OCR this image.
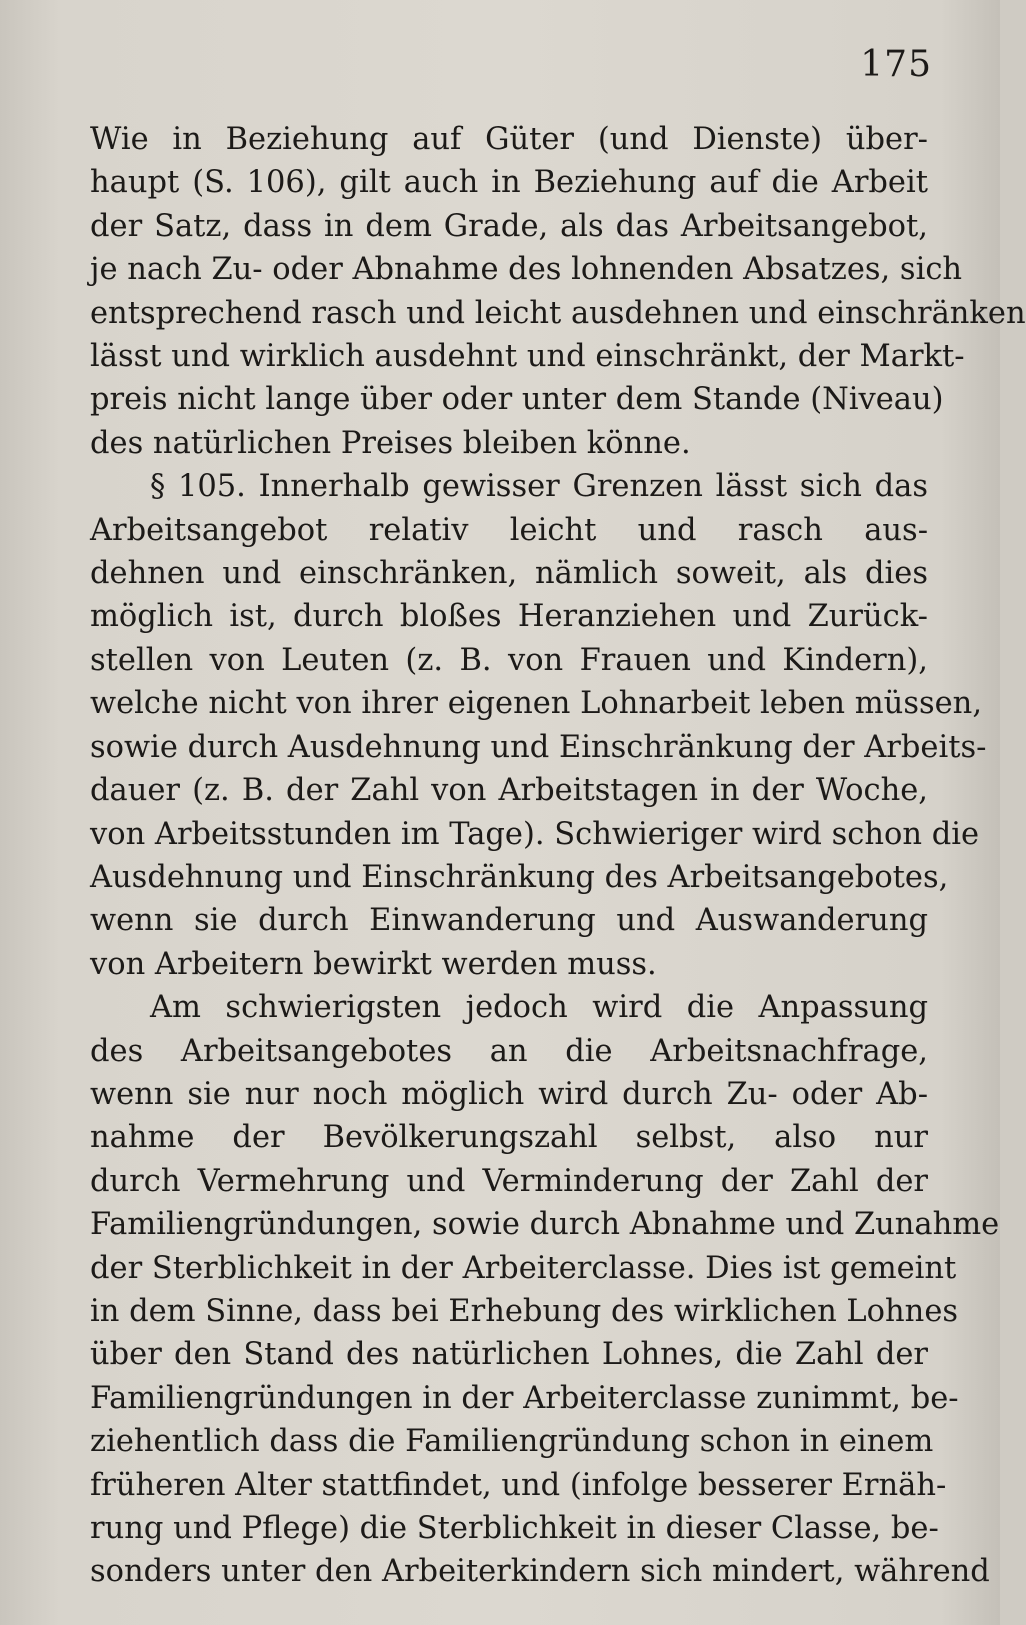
175
Wie in Beziehung auf Güter (und Dienste) über-
haupt (S. 106), gilt auch in Beziehung auf die Arbeit
der Satz, dass in dem Grade, als das Arbeitsangebot,
je nach Zu- oder Abnahme des lohnenden Absatzes, sich
entsprechend rasch und leicht ausdehnen und einschränken
lässt und wirklich ausdehnt und einschränkt, der Markt-
preis nicht lange über oder unter dem Stande (Niveau)
des natürlichen Preises bleiben könne.
§ 105. Innerhalb gewisser Grenzen lässt sich das
Arbeitsangebot relativ leicht und rasch aus-
dehnen und einschränken, nämlich soweit, als dies
möglich ist, durch bloßes Heranziehen und Zurück-
stellen von Leuten (z. B. von Frauen und Kindern),
welche nicht von ihrer eigenen Lohnarbeit leben müssen,
sowie durch Ausdehnung und Einschränkung der Arbeits-
dauer (z. B. der Zahl von Arbeitstagen in der Woche,
von Arbeitsstunden im Tage). Schwieriger wird schon die
Ausdehnung und Einschränkung des Arbeitsangebotes,
wenn sie durch Einwanderung und Auswanderung
von Arbeitern bewirkt werden muss.
Am schwierigsten jedoch wird die Anpassung
des Arbeitsangebotes an die Arbeitsnachfrage,
wenn sie nur noch möglich wird durch Zu- oder Ab-
nahme der Bevölkerungszahl selbst, also nur
durch Vermehrung und Verminderung der Zahl der
Familiengründungen, sowie durch Abnahme und Zunahme
der Sterblichkeit in der Arbeiterclasse. Dies ist gemeint
in dem Sinne, dass bei Erhebung des wirklichen Lohnes
über den Stand des natürlichen Lohnes, die Zahl der
Familiengründungen in der Arbeiterclasse zunimmt, be-
ziehentlich dass die Familiengründung schon in einem
früheren Alter stattfindet, und (infolge besserer Ernäh-
rung und Pflege) die Sterblichkeit in dieser Classe, be-
sonders unter den Arbeiterkindern sich mindert, während
